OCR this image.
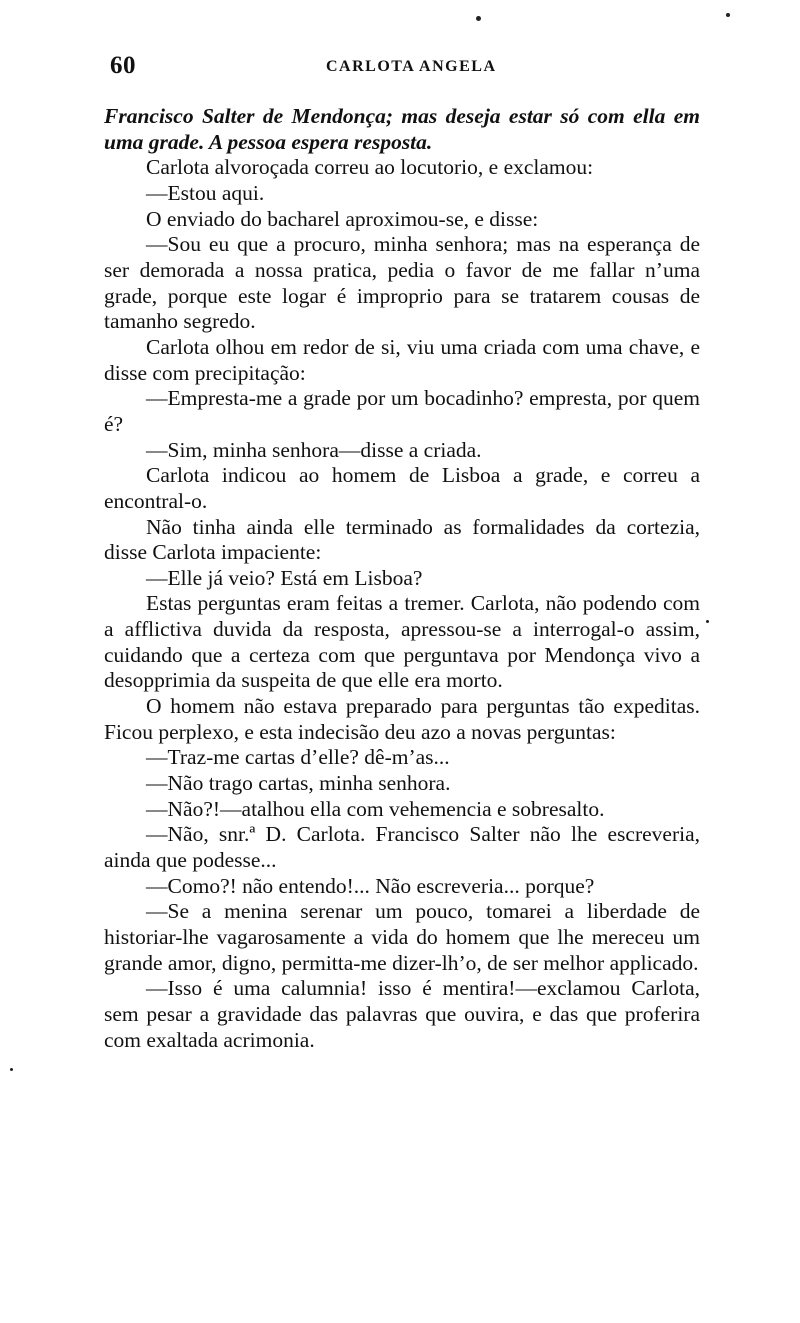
60	CARLOTA ANGELA

Francisco Salter de Mendonça; mas deseja estar só com ella em uma grade. A pessoa espera resposta.

Carlota alvoroçada correu ao locutorio, e exclamou:

—Estou aqui.

O enviado do bacharel aproximou-se, e disse:

—Sou eu que a procuro, minha senhora; mas na esperança de ser demorada a nossa pratica, pedia o favor de me fallar n’uma grade, porque este logar é improprio para se tratarem cousas de tamanho segredo.

Carlota olhou em redor de si, viu uma criada com uma chave, e disse com precipitação:

—Empresta-me a grade por um bocadinho? empresta, por quem é?

—Sim, minha senhora—disse a criada.

Carlota indicou ao homem de Lisboa a grade, e correu a encontral-o.

Não tinha ainda elle terminado as formalidades da cortezia, disse Carlota impaciente:

—Elle já veio? Está em Lisboa?

Estas perguntas eram feitas a tremer. Carlota, não podendo com a afflictiva duvida da resposta, apressou-se a interrogal-o assim, cuidando que a certeza com que perguntava por Mendonça vivo a desopprimia da suspeita de que elle era morto.

O homem não estava preparado para perguntas tão expeditas. Ficou perplexo, e esta indecisão deu azo a novas perguntas:

—Traz-me cartas d’elle? dê-m’as...

—Não trago cartas, minha senhora.

—Não?!—atalhou ella com vehemencia e sobresalto.

—Não, snr.ª D. Carlota. Francisco Salter não lhe escreveria, ainda que podesse...

—Como?! não entendo!... Não escreveria... porque?

—Se a menina serenar um pouco, tomarei a liberdade de historiar-lhe vagarosamente a vida do homem que lhe mereceu um grande amor, digno, permitta-me dizer-lh’o, de ser melhor applicado.

—Isso é uma calumnia! isso é mentira!—exclamou Carlota, sem pesar a gravidade das palavras que ouvira, e das que proferira com exaltada acrimonia.
